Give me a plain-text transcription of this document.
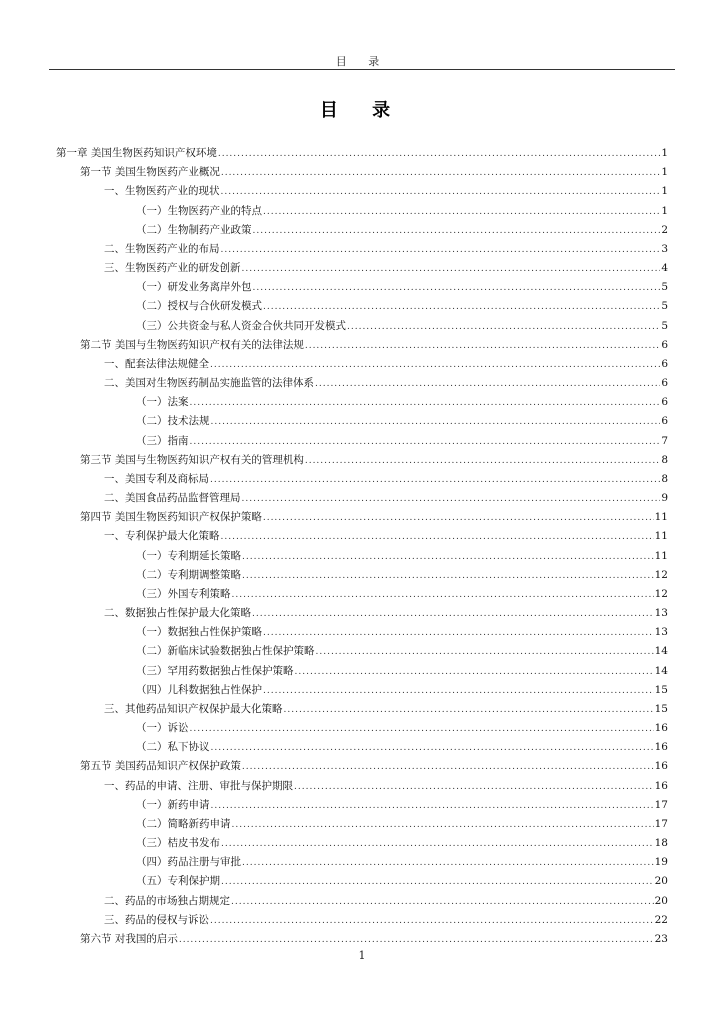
目 录
目 录
第一章 美国生物医药知识产权环境 .....	1
第一节 美国生物医药产业概况 .....	1
一、生物医药产业的现状 .....	1
（一）生物医药产业的特点 .....	1
（二）生物制药产业政策 .....	2
二、生物医药产业的布局 .....	3
三、生物医药产业的研发创新 .....	4
（一）研发业务离岸外包 .....	5
（二）授权与合伙研发模式 .....	5
（三）公共资金与私人资金合伙共同开发模式 .....	5
第二节 美国与生物医药知识产权有关的法律法规 .....	6
一、配套法律法规健全 .....	6
二、美国对生物医药制品实施监管的法律体系 .....	6
（一）法案 .....	6
（二）技术法规 .....	6
（三）指南 .....	7
第三节 美国与生物医药知识产权有关的管理机构 .....	8
一、美国专利及商标局 .....	8
二、美国食品药品监督管理局 .....	9
第四节 美国生物医药知识产权保护策略 .....	11
一、专利保护最大化策略 .....	11
（一）专利期延长策略 .....	11
（二）专利期调整策略 .....	12
（三）外国专利策略 .....	12
二、数据独占性保护最大化策略 .....	13
（一）数据独占性保护策略 .....	13
（二）新临床试验数据独占性保护策略 .....	14
（三）罕用药数据独占性保护策略 .....	14
（四）儿科数据独占性保护 .....	15
三、其他药品知识产权保护最大化策略 .....	15
（一）诉讼 .....	16
（二）私下协议 .....	16
第五节 美国药品知识产权保护政策 .....	16
一、药品的申请、注册、审批与保护期限 .....	16
（一）新药申请 .....	17
（二）简略新药申请 .....	17
（三）桔皮书发布 .....	18
（四）药品注册与审批 .....	19
（五）专利保护期 .....	20
二、药品的市场独占期规定 .....	20
三、药品的侵权与诉讼 .....	22
第六节 对我国的启示 .....	23
1
